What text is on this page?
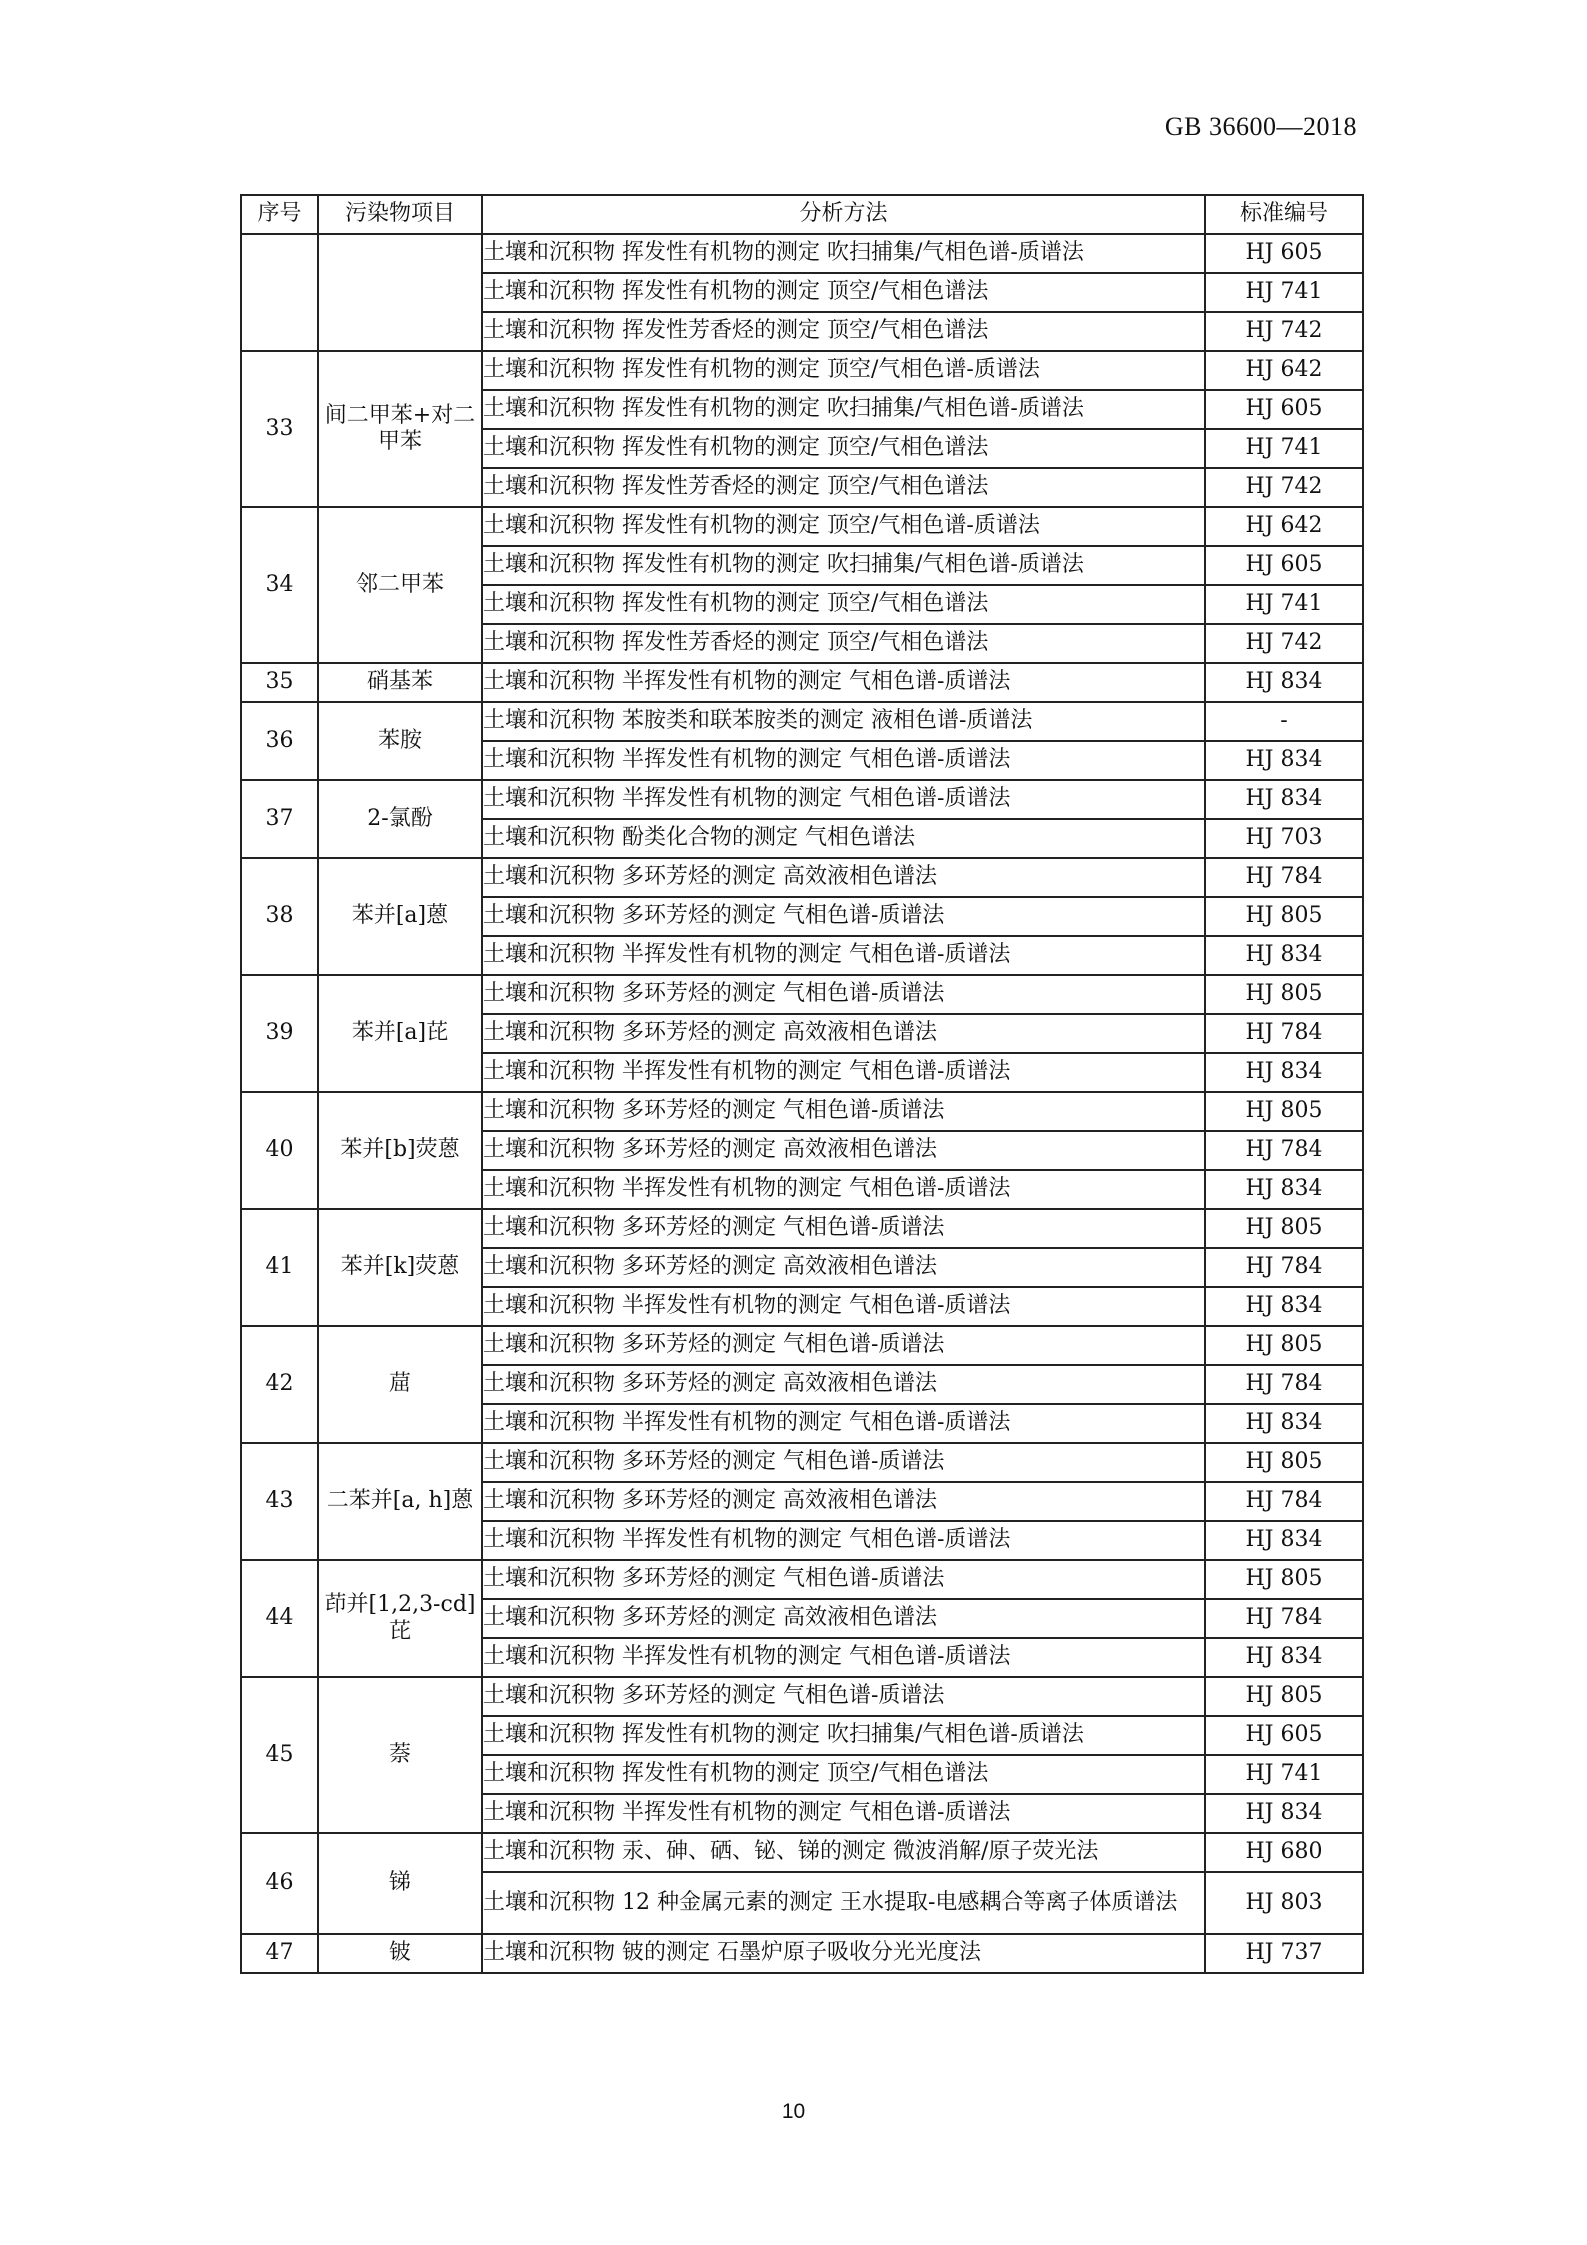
GB 36600—2018
序号	污染物项目	分析方法	标准编号
		土壤和沉积物 挥发性有机物的测定 吹扫捕集/气相色谱-质谱法	HJ 605
		土壤和沉积物 挥发性有机物的测定 顶空/气相色谱法	HJ 741
		土壤和沉积物 挥发性芳香烃的测定 顶空/气相色谱法	HJ 742
33	间二甲苯+对二甲苯	土壤和沉积物 挥发性有机物的测定 顶空/气相色谱-质谱法	HJ 642
		土壤和沉积物 挥发性有机物的测定 吹扫捕集/气相色谱-质谱法	HJ 605
		土壤和沉积物 挥发性有机物的测定 顶空/气相色谱法	HJ 741
		土壤和沉积物 挥发性芳香烃的测定 顶空/气相色谱法	HJ 742
34	邻二甲苯	土壤和沉积物 挥发性有机物的测定 顶空/气相色谱-质谱法	HJ 642
		土壤和沉积物 挥发性有机物的测定 吹扫捕集/气相色谱-质谱法	HJ 605
		土壤和沉积物 挥发性有机物的测定 顶空/气相色谱法	HJ 741
		土壤和沉积物 挥发性芳香烃的测定 顶空/气相色谱法	HJ 742
35	硝基苯	土壤和沉积物 半挥发性有机物的测定 气相色谱-质谱法	HJ 834
36	苯胺	土壤和沉积物 苯胺类和联苯胺类的测定 液相色谱-质谱法	-
		土壤和沉积物 半挥发性有机物的测定 气相色谱-质谱法	HJ 834
37	2-氯酚	土壤和沉积物 半挥发性有机物的测定 气相色谱-质谱法	HJ 834
		土壤和沉积物 酚类化合物的测定 气相色谱法	HJ 703
38	苯并[a]蒽	土壤和沉积物 多环芳烃的测定 高效液相色谱法	HJ 784
		土壤和沉积物 多环芳烃的测定 气相色谱-质谱法	HJ 805
		土壤和沉积物 半挥发性有机物的测定 气相色谱-质谱法	HJ 834
39	苯并[a]芘	土壤和沉积物 多环芳烃的测定 气相色谱-质谱法	HJ 805
		土壤和沉积物 多环芳烃的测定 高效液相色谱法	HJ 784
		土壤和沉积物 半挥发性有机物的测定 气相色谱-质谱法	HJ 834
40	苯并[b]荧蒽	土壤和沉积物 多环芳烃的测定 气相色谱-质谱法	HJ 805
		土壤和沉积物 多环芳烃的测定 高效液相色谱法	HJ 784
		土壤和沉积物 半挥发性有机物的测定 气相色谱-质谱法	HJ 834
41	苯并[k]荧蒽	土壤和沉积物 多环芳烃的测定 气相色谱-质谱法	HJ 805
		土壤和沉积物 多环芳烃的测定 高效液相色谱法	HJ 784
		土壤和沉积物 半挥发性有机物的测定 气相色谱-质谱法	HJ 834
42	䓛	土壤和沉积物 多环芳烃的测定 气相色谱-质谱法	HJ 805
		土壤和沉积物 多环芳烃的测定 高效液相色谱法	HJ 784
		土壤和沉积物 半挥发性有机物的测定 气相色谱-质谱法	HJ 834
43	二苯并[a, h]蒽	土壤和沉积物 多环芳烃的测定 气相色谱-质谱法	HJ 805
		土壤和沉积物 多环芳烃的测定 高效液相色谱法	HJ 784
		土壤和沉积物 半挥发性有机物的测定 气相色谱-质谱法	HJ 834
44	茚并[1,2,3-cd]芘	土壤和沉积物 多环芳烃的测定 气相色谱-质谱法	HJ 805
		土壤和沉积物 多环芳烃的测定 高效液相色谱法	HJ 784
		土壤和沉积物 半挥发性有机物的测定 气相色谱-质谱法	HJ 834
45	萘	土壤和沉积物 多环芳烃的测定 气相色谱-质谱法	HJ 805
		土壤和沉积物 挥发性有机物的测定 吹扫捕集/气相色谱-质谱法	HJ 605
		土壤和沉积物 挥发性有机物的测定 顶空/气相色谱法	HJ 741
		土壤和沉积物 半挥发性有机物的测定 气相色谱-质谱法	HJ 834
46	锑	土壤和沉积物 汞、砷、硒、铋、锑的测定 微波消解/原子荧光法	HJ 680
		土壤和沉积物 12 种金属元素的测定 王水提取-电感耦合等离子体质谱法	HJ 803
47	铍	土壤和沉积物 铍的测定 石墨炉原子吸收分光光度法	HJ 737
10
